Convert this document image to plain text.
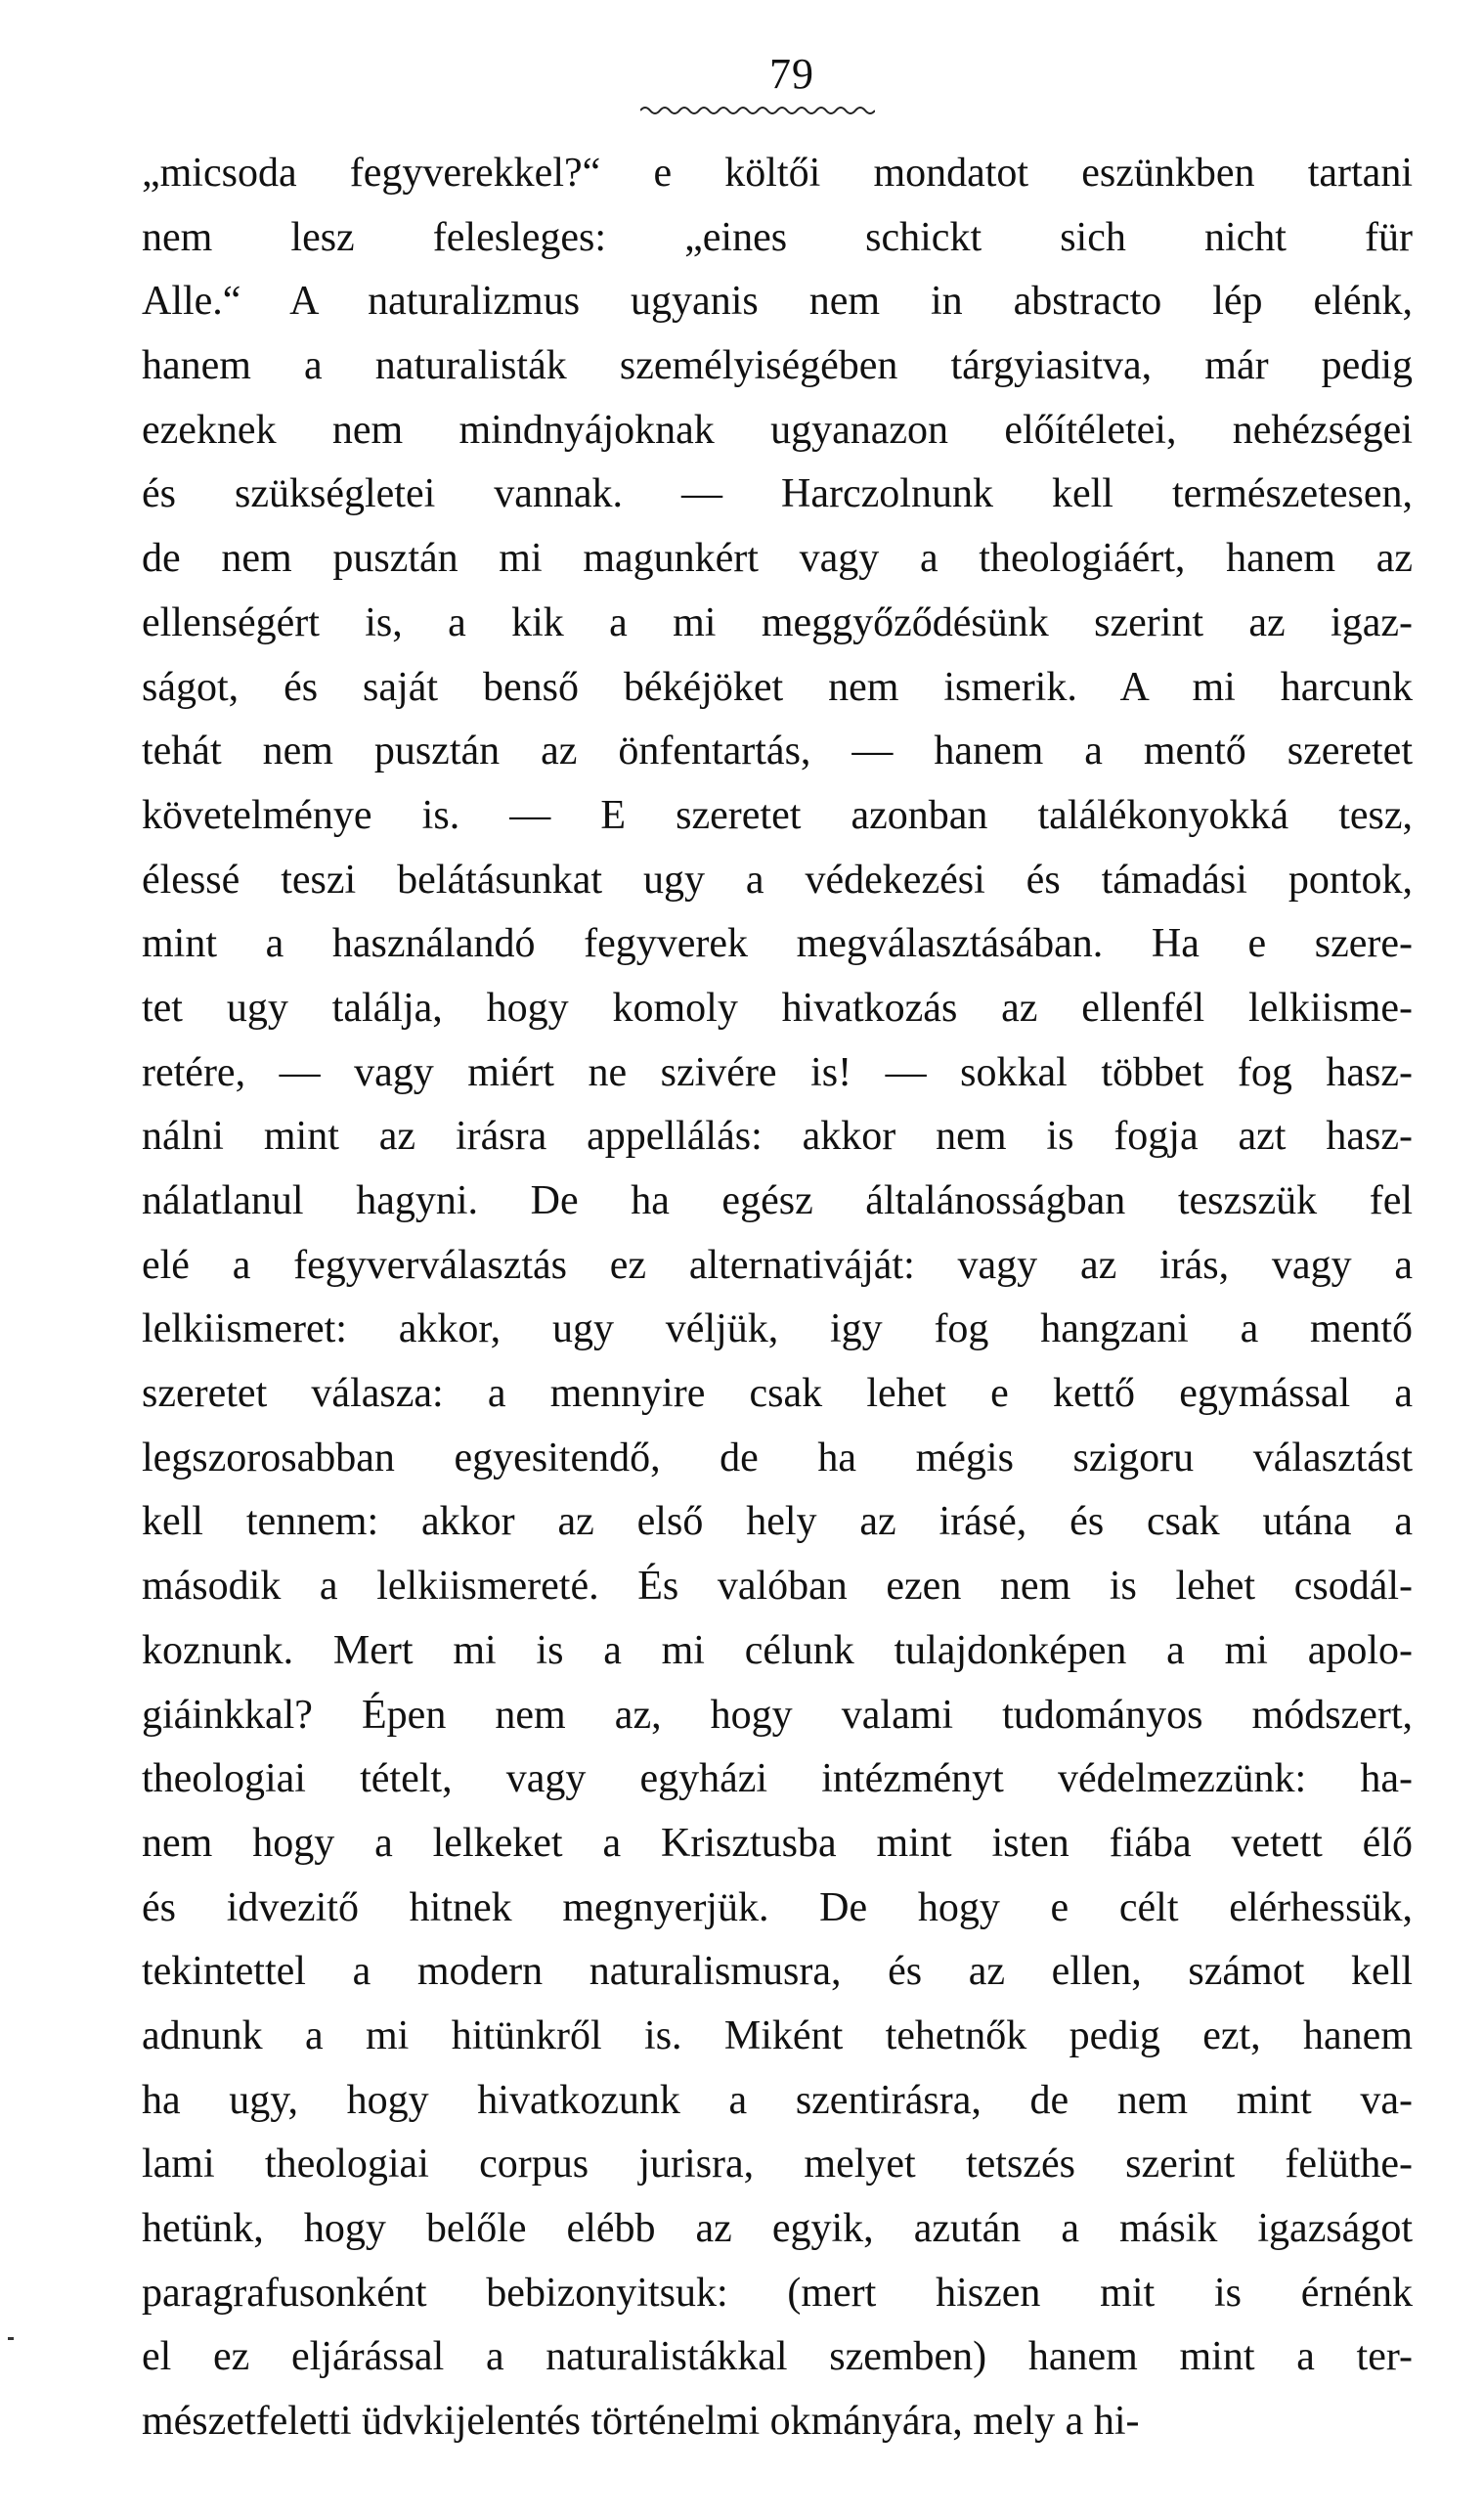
79
„micsoda fegyverekkel?“ e költői mondatot eszünkben tartani
nem lesz felesleges: „eines schickt sich nicht für
Alle.“ A naturalizmus ugyanis nem in abstracto lép elénk,
hanem a naturalisták személyiségében tárgyiasitva, már pedig
ezeknek nem mindnyájoknak ugyanazon előítéletei, nehézségei
és szükségletei vannak. — Harczolnunk kell természetesen,
de nem pusztán mi magunkért vagy a theologiáért, hanem az
ellenségért is, a kik a mi meggyőződésünk szerint az igaz-
ságot, és saját benső békéjöket nem ismerik. A mi harcunk
tehát nem pusztán az önfentartás, — hanem a mentő szeretet
követelménye is. — E szeretet azonban találékonyokká tesz,
élessé teszi belátásunkat ugy a védekezési és támadási pontok,
mint a használandó fegyverek megválasztásában. Ha e szere-
tet ugy találja, hogy komoly hivatkozás az ellenfél lelkiisme-
retére, — vagy miért ne szivére is! — sokkal többet fog hasz-
nálni mint az irásra appellálás: akkor nem is fogja azt hasz-
nálatlanul hagyni. De ha egész általánosságban teszszük fel
elé a fegyverválasztás ez alternativáját: vagy az irás, vagy a
lelkiismeret: akkor, ugy véljük, igy fog hangzani a mentő
szeretet válasza: a mennyire csak lehet e kettő egymással a
legszorosabban egyesitendő, de ha mégis szigoru választást
kell tennem: akkor az első hely az irásé, és csak utána a
második a lelkiismereté. És valóban ezen nem is lehet csodál-
koznunk. Mert mi is a mi célunk tulajdonképen a mi apolo-
giáinkkal? Épen nem az, hogy valami tudományos módszert,
theologiai tételt, vagy egyházi intézményt védelmezzünk: ha-
nem hogy a lelkeket a Krisztusba mint isten fiába vetett élő
és idvezitő hitnek megnyerjük. De hogy e célt elérhessük,
tekintettel a modern naturalismusra, és az ellen, számot kell
adnunk a mi hitünkről is. Miként tehetnők pedig ezt, hanem
ha ugy, hogy hivatkozunk a szentirásra, de nem mint va-
lami theologiai corpus jurisra, melyet tetszés szerint felüthe-
hetünk, hogy belőle elébb az egyik, azután a másik igazságot
paragrafusonként bebizonyitsuk: (mert hiszen mit is érnénk
el ez eljárással a naturalistákkal szemben) hanem mint a ter-
mészetfeletti üdvkijelentés történelmi okmányára, mely a hi-
